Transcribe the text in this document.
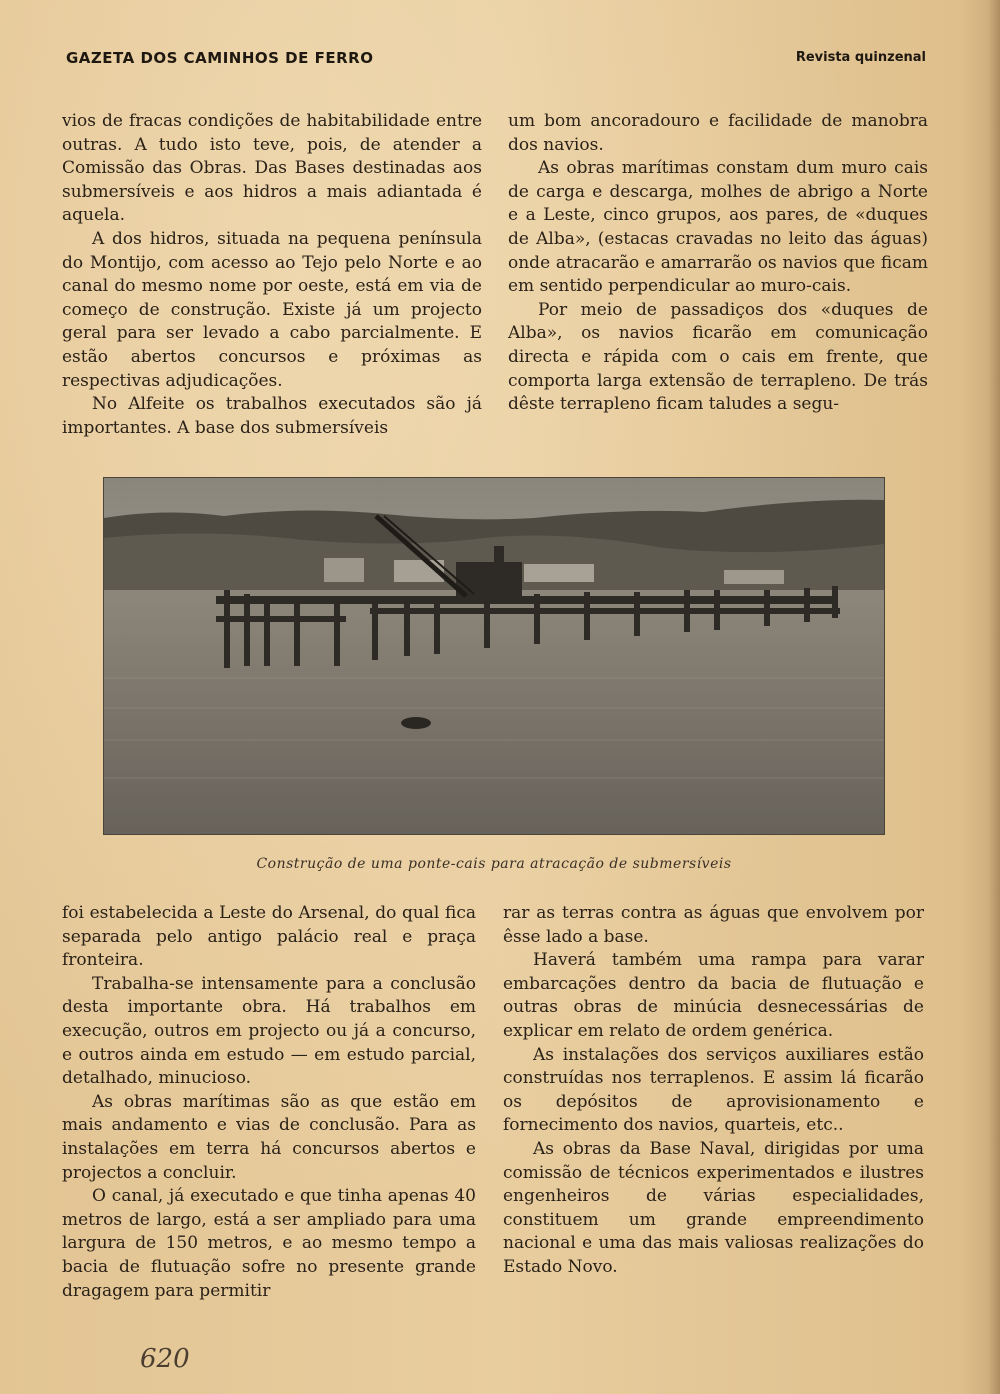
GAZETA DOS CAMINHOS DE FERRO	Revista quinzenal

vios de fracas condições de habitabilidade entre outras. A tudo isto teve, pois, de atender a Comissão das Obras. Das Bases destinadas aos submersíveis e aos hidros a mais adiantada é aquela.

A dos hidros, situada na pequena península do Montijo, com acesso ao Tejo pelo Norte e ao canal do mesmo nome por oeste, está em via de começo de construção. Existe já um projecto geral para ser levado a cabo parcialmente. E estão abertos concursos e próximas as respectivas adjudicações.

No Alfeite os trabalhos executados são já importantes. A base dos submersíveis

um bom ancoradouro e facilidade de manobra dos navios.

As obras marítimas constam dum muro cais de carga e descarga, molhes de abrigo a Norte e a Leste, cinco grupos, aos pares, de «duques de Alba», (estacas cravadas no leito das águas) onde atracarão e amarrarão os navios que ficam em sentido perpendicular ao muro-cais.

Por meio de passadiços dos «duques de Alba», os navios ficarão em comunicação directa e rápida com o cais em frente, que comporta larga extensão de terrapleno. De trás dêste terrapleno ficam taludes a segu-

Construção de uma ponte-cais para atracação de submersíveis

foi estabelecida a Leste do Arsenal, do qual fica separada pelo antigo palácio real e praça fronteira.

Trabalha-se intensamente para a conclusão desta importante obra. Há trabalhos em execução, outros em projecto ou já a concurso, e outros ainda em estudo — em estudo parcial, detalhado, minucioso.

As obras marítimas são as que estão em mais andamento e vias de conclusão. Para as instalações em terra há concursos abertos e projectos a concluir.

O canal, já executado e que tinha apenas 40 metros de largo, está a ser ampliado para uma largura de 150 metros, e ao mesmo tempo a bacia de flutuação sofre no presente grande dragagem para permitir

rar as terras contra as águas que envolvem por êsse lado a base.

Haverá também uma rampa para varar embarcações dentro da bacia de flutuação e outras obras de minúcia desnecessárias de explicar em relato de ordem genérica.

As instalações dos serviços auxiliares estão construídas nos terraplenos. E assim lá ficarão os depósitos de aprovisionamento e fornecimento dos navios, quarteis, etc..

As obras da Base Naval, dirigidas por uma comissão de técnicos experimentados e ilustres engenheiros de várias especialidades, constituem um grande empreendimento nacional e uma das mais valiosas realizações do Estado Novo.

620
